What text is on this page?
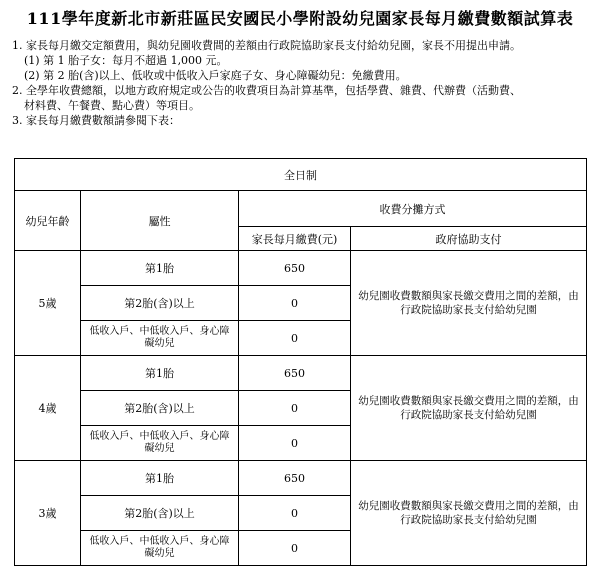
111學年度新北市新莊區民安國民小學附設幼兒園家長每月繳費數額試算表

1. 家長每月繳交定額費用，與幼兒園收費間的差額由行政院協助家長支付給幼兒園，家長不用提出申請。

(1) 第 1 胎子女：每月不超過 1,000 元。

(2) 第 2 胎(含)以上、低收或中低收入戶家庭子女、身心障礙幼兒：免繳費用。

2. 全學年收費總額，以地方政府規定或公告的收費項目為計算基準，包括學費、雜費、代辦費（活動費、

材料費、午餐費、點心費）等項目。

3. 家長每月繳費數額請參閱下表：

全日制			
幼兒年齡	屬性	收費分攤方式	
		家長每月繳費(元)	政府協助支付
5歲	第1胎	650	幼兒園收費數額與家長繳交費用之間的差額，由行政院協助家長支付給幼兒園
	第2胎(含)以上	0	
	低收入戶、中低收入戶、身心障礙幼兒	0	
4歲	第1胎	650	幼兒園收費數額與家長繳交費用之間的差額，由行政院協助家長支付給幼兒園
	第2胎(含)以上	0	
	低收入戶、中低收入戶、身心障礙幼兒	0	
3歲	第1胎	650	幼兒園收費數額與家長繳交費用之間的差額，由行政院協助家長支付給幼兒園
	第2胎(含)以上	0	
	低收入戶、中低收入戶、身心障礙幼兒	0	
